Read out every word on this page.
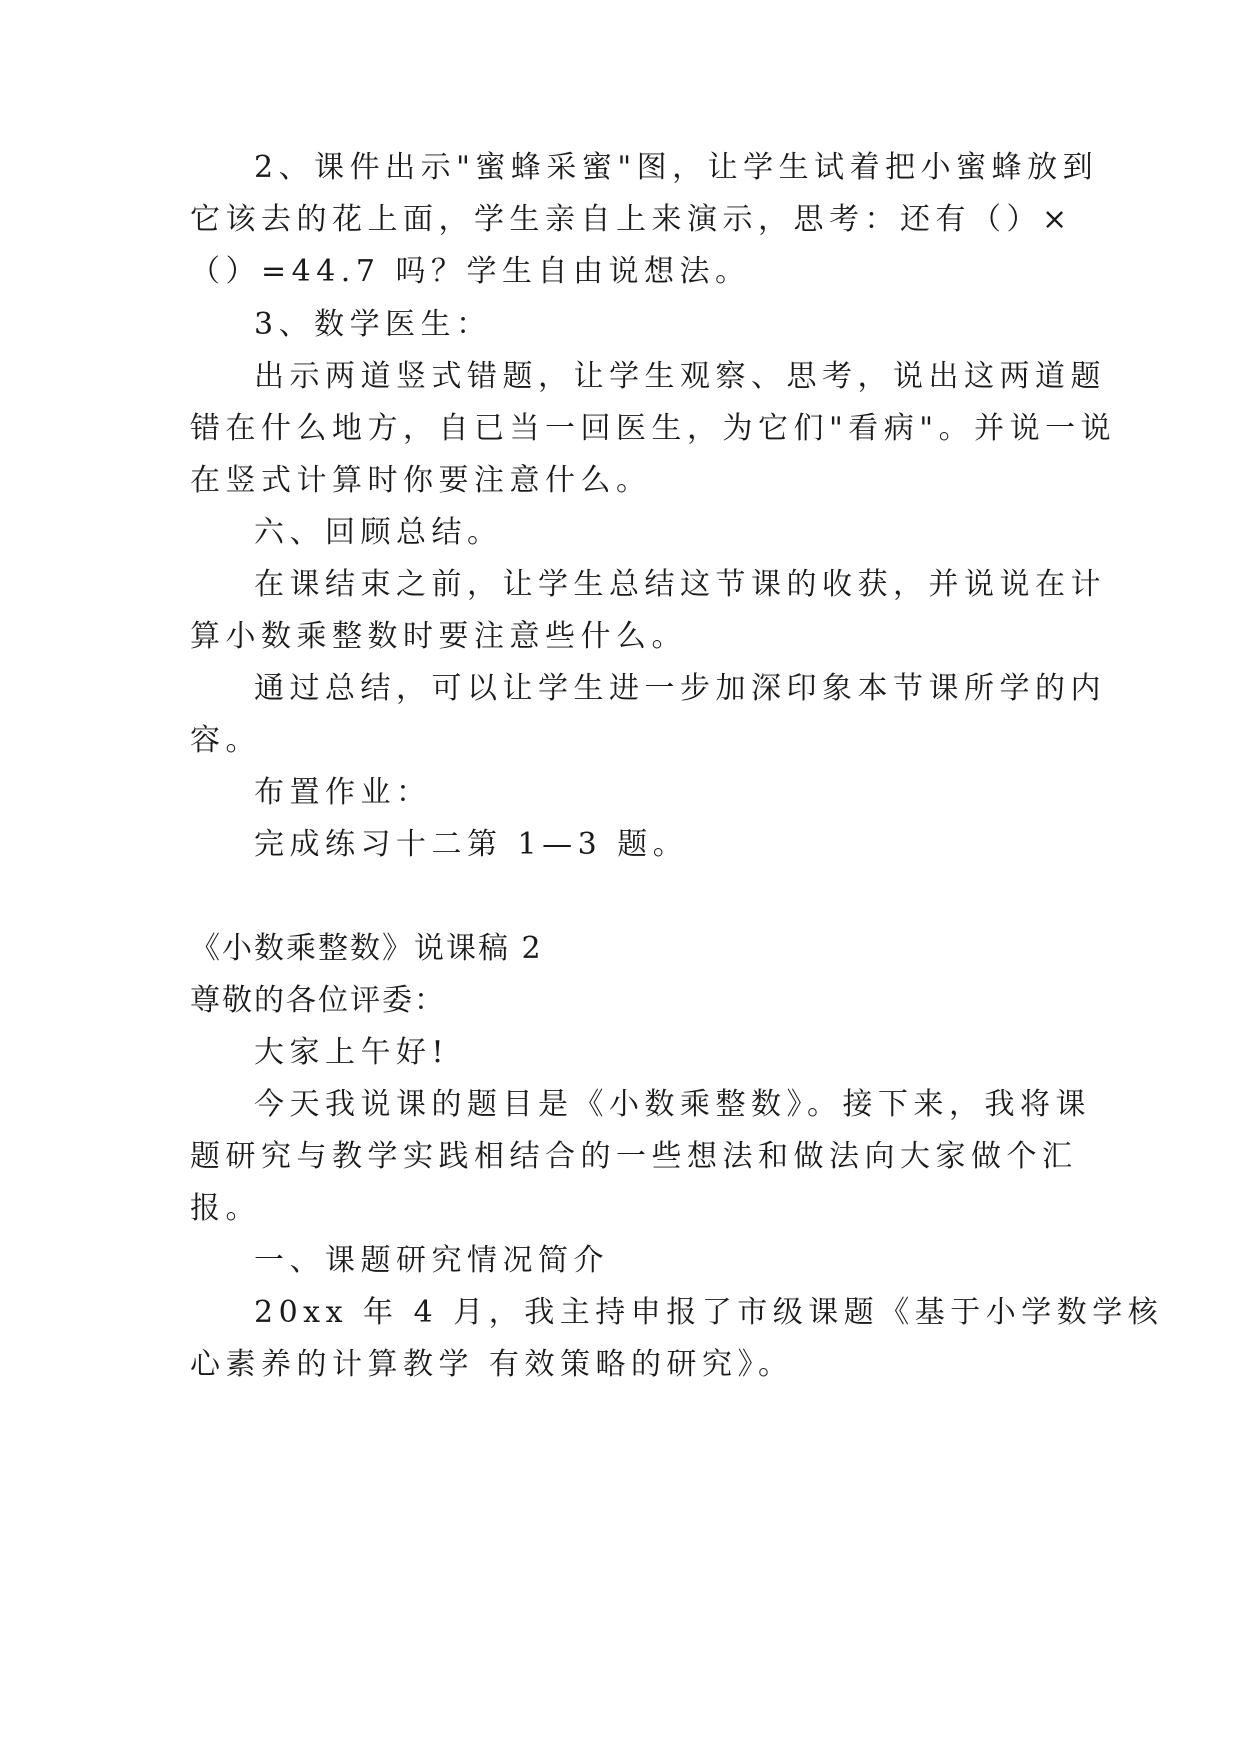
2、课件出示"蜜蜂采蜜"图，让学生试着把小蜜蜂放到

它该去的花上面，学生亲自上来演示，思考：还有（）×

（）=44.7 吗？学生自由说想法。

3、数学医生：

出示两道竖式错题，让学生观察、思考，说出这两道题

错在什么地方，自已当一回医生，为它们"看病"。并说一说

在竖式计算时你要注意什么。

六、回顾总结。

在课结束之前，让学生总结这节课的收获，并说说在计

算小数乘整数时要注意些什么。

通过总结，可以让学生进一步加深印象本节课所学的内

容。

布置作业：

完成练习十二第 1—3 题。

《小数乘整数》说课稿 2

尊敬的各位评委：

大家上午好!

今天我说课的题目是《小数乘整数》。接下来，我将课

题研究与教学实践相结合的一些想法和做法向大家做个汇

报。

一、课题研究情况简介

20xx 年 4 月，我主持申报了市级课题《基于小学数学核

心素养的计算教学 有效策略的研究》。
